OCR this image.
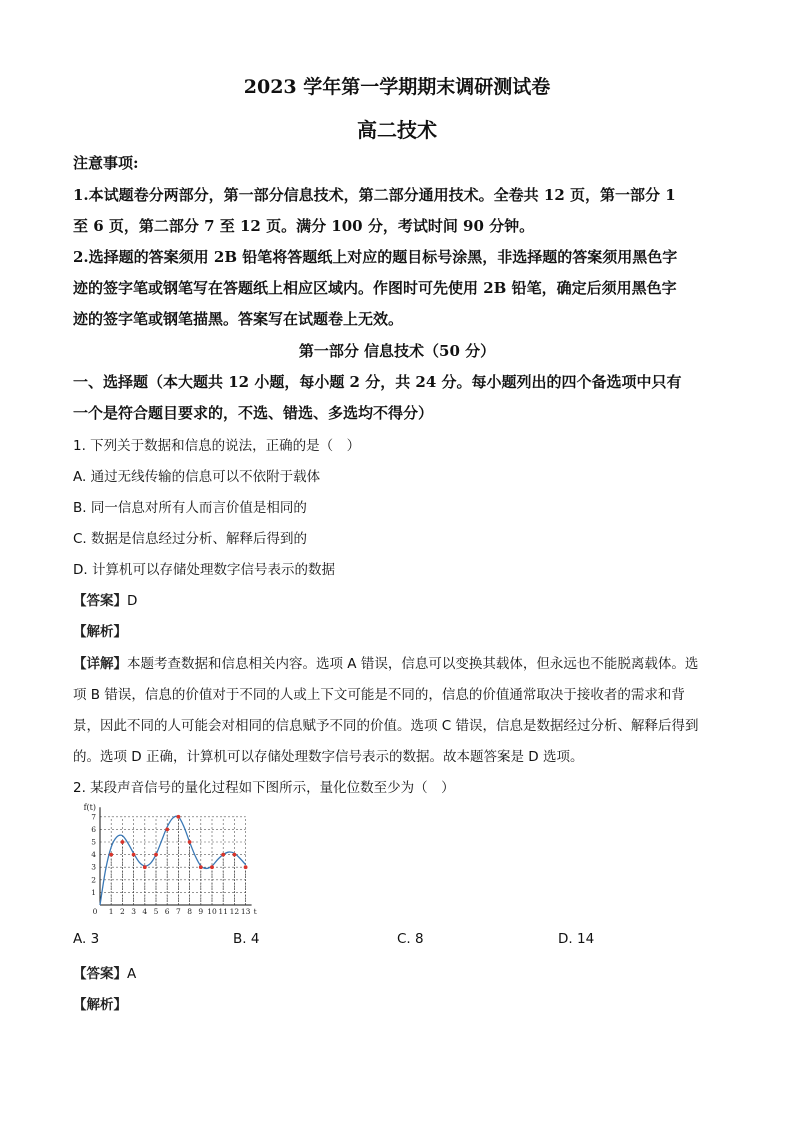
2023 学年第一学期期末调研测试卷
高二技术
注意事项:
1.本试题卷分两部分，第一部分信息技术，第二部分通用技术。全卷共 12 页，第一部分 1
至 6 页，第二部分 7 至 12 页。满分 100 分，考试时间 90 分钟。
2.选择题的答案须用 2B 铅笔将答题纸上对应的题目标号涂黑，非选择题的答案须用黑色字
迹的签字笔或钢笔写在答题纸上相应区域内。作图时可先使用 2B 铅笔，确定后须用黑色字
迹的签字笔或钢笔描黑。答案写在试题卷上无效。
第一部分 信息技术（50 分）
一、选择题（本大题共 12 小题，每小题 2 分，共 24 分。每小题列出的四个备选项中只有
一个是符合题目要求的，不选、错选、多选均不得分）
1. 下列关于数据和信息的说法，正确的是（　）
A. 通过无线传输的信息可以不依附于载体
B. 同一信息对所有人而言价值是相同的
C. 数据是信息经过分析、解释后得到的
D. 计算机可以存储处理数字信号表示的数据
【答案】D
【解析】
【详解】本题考查数据和信息相关内容。选项 A 错误，信息可以变换其载体，但永远也不能脱离载体。选
项 B 错误，信息的价值对于不同的人或上下文可能是不同的，信息的价值通常取决于接收者的需求和背
景，因此不同的人可能会对相同的信息赋予不同的价值。选项 C 错误，信息是数据经过分析、解释后得到
的。选项 D 正确，计算机可以存储处理数字信号表示的数据。故本题答案是 D 选项。
2. 某段声音信号的量化过程如下图所示，量化位数至少为（　）
1
2
3
4
5
6
7
0 1 2 3 4 5 6 7 8 9 10 11 12 13
f(t)
t
A. 3	B. 4	C. 8	D. 14
【答案】A
【解析】
